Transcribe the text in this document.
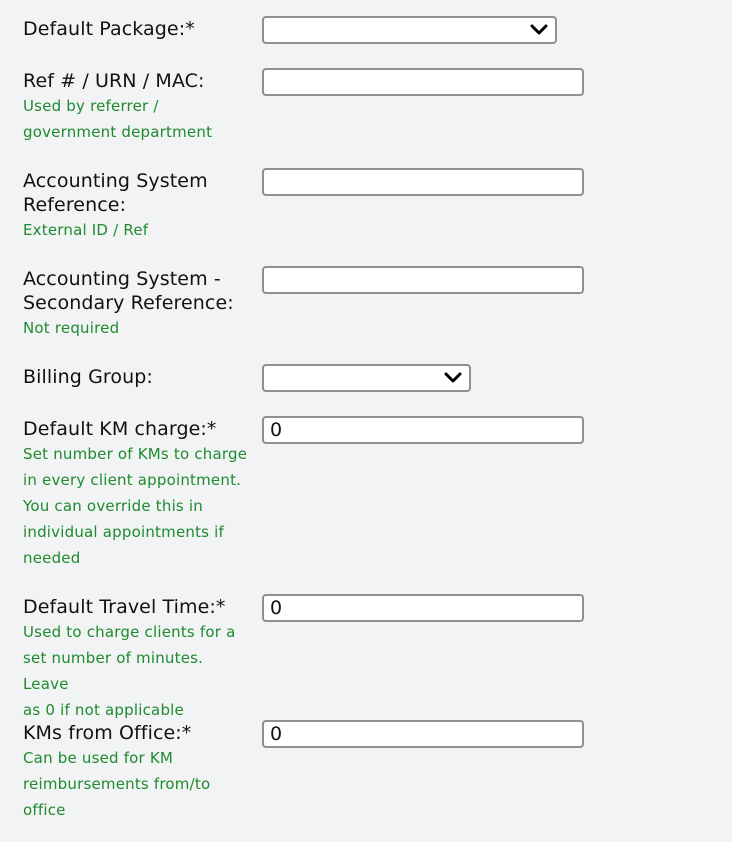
Default Package:*
Ref # / URN / MAC:
Used by referrer /
government department
Accounting System
Reference:
External ID / Ref
Accounting System -
Secondary Reference:
Not required
Billing Group:
Default KM charge:*
Set number of KMs to charge
in every client appointment.
You can override this in
individual appointments if
needed
0
Default Travel Time:*
Used to charge clients for a
set number of minutes. Leave
as 0 if not applicable
0
KMs from Office:*
Can be used for KM
reimbursements from/to
office
0
